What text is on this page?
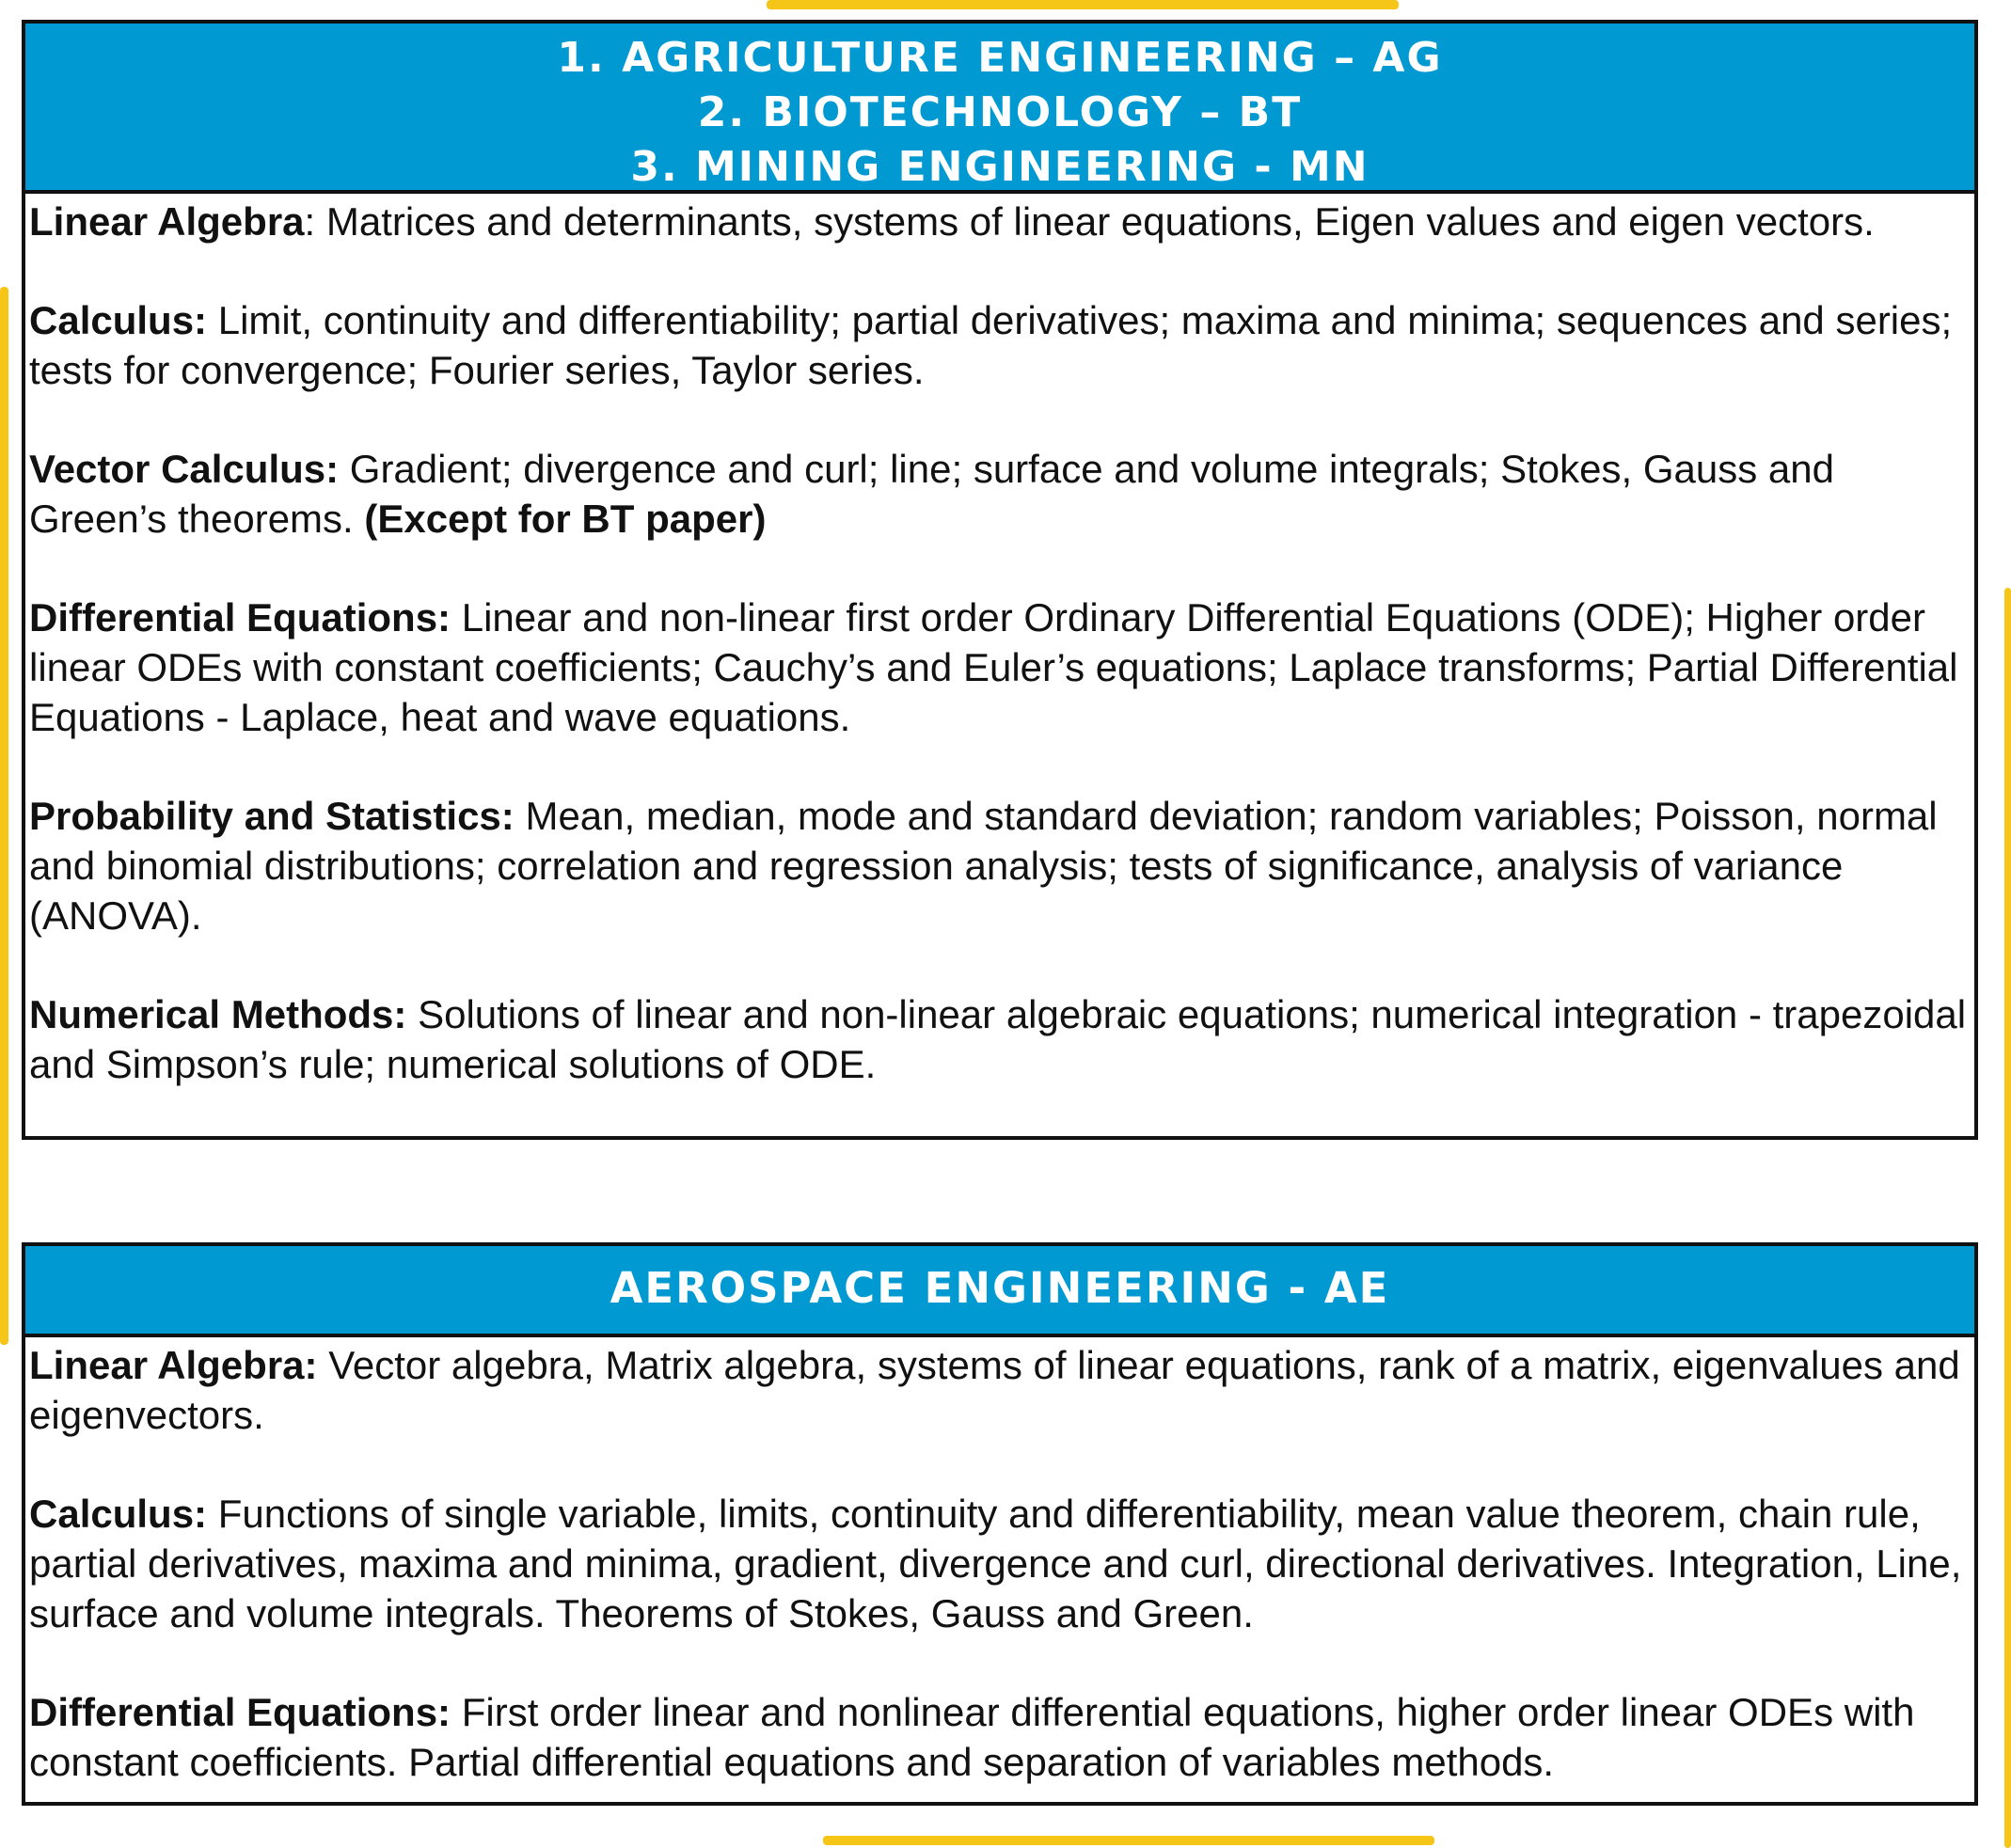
1. AGRICULTURE ENGINEERING – AG
2. BIOTECHNOLOGY – BT
3. MINING ENGINEERING - MN

Linear Algebra: Matrices and determinants, systems of linear equations, Eigen values and eigen vectors.

Calculus: Limit, continuity and differentiability; partial derivatives; maxima and minima; sequences and series; tests for convergence; Fourier series, Taylor series.

Vector Calculus: Gradient; divergence and curl; line; surface and volume integrals; Stokes, Gauss and Green’s theorems. (Except for BT paper)

Differential Equations: Linear and non-linear first order Ordinary Differential Equations (ODE); Higher order linear ODEs with constant coefficients; Cauchy’s and Euler’s equations; Laplace transforms; Partial Differential Equations - Laplace, heat and wave equations.

Probability and Statistics: Mean, median, mode and standard deviation; random variables; Poisson, normal and binomial distributions; correlation and regression analysis; tests of significance, analysis of variance (ANOVA).

Numerical Methods: Solutions of linear and non-linear algebraic equations; numerical integration - trapezoidal and Simpson’s rule; numerical solutions of ODE.

AEROSPACE ENGINEERING - AE

Linear Algebra: Vector algebra, Matrix algebra, systems of linear equations, rank of a matrix, eigenvalues and eigenvectors.

Calculus: Functions of single variable, limits, continuity and differentiability, mean value theorem, chain rule, partial derivatives, maxima and minima, gradient, divergence and curl, directional derivatives. Integration, Line, surface and volume integrals. Theorems of Stokes, Gauss and Green.

Differential Equations: First order linear and nonlinear differential equations, higher order linear ODEs with constant coefficients. Partial differential equations and separation of variables methods.
